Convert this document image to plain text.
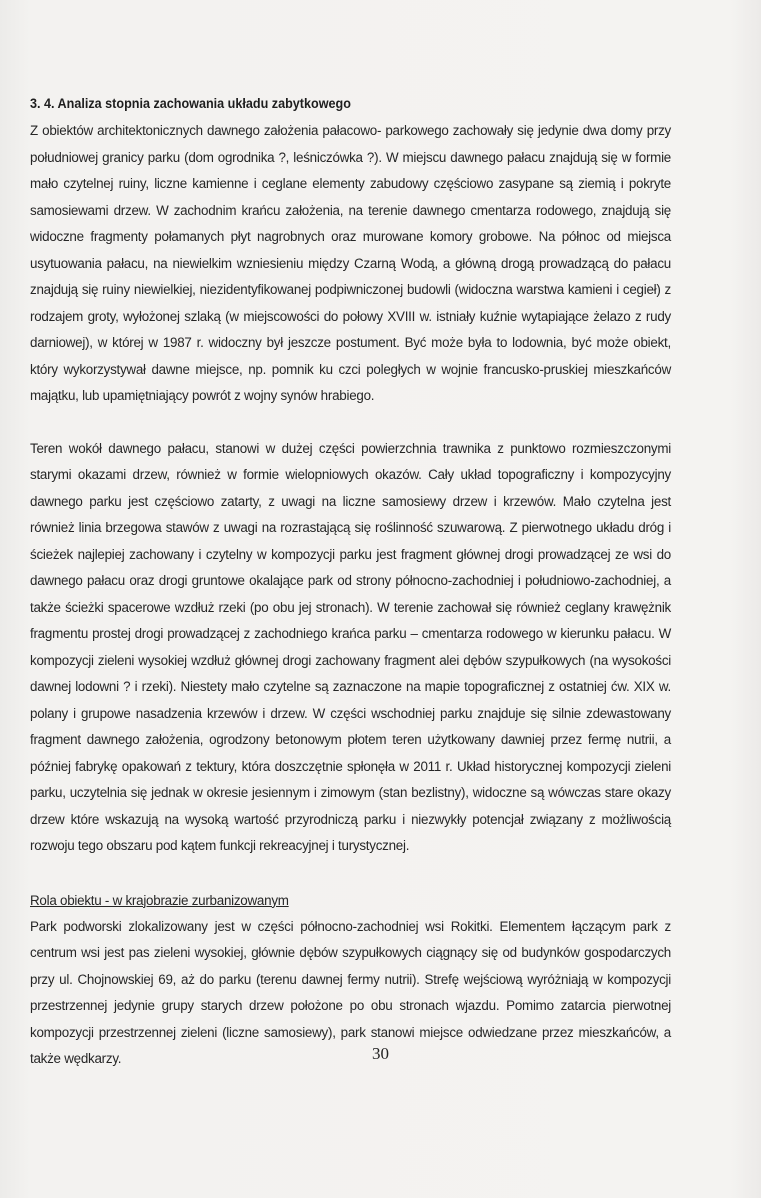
3. 4. Analiza stopnia zachowania układu zabytkowego

Z obiektów architektonicznych dawnego założenia pałacowo- parkowego zachowały się jedynie dwa domy przy południowej granicy parku (dom ogrodnika ?, leśniczówka ?). W miejscu dawnego pałacu znajdują się w formie mało czytelnej ruiny, liczne kamienne i ceglane elementy zabudowy częściowo zasypane są ziemią i pokryte samosiewami drzew. W zachodnim krańcu założenia, na terenie dawnego cmentarza rodowego, znajdują się widoczne fragmenty połamanych płyt nagrobnych oraz murowane komory grobowe. Na północ od miejsca usytuowania pałacu, na niewielkim wzniesieniu między Czarną Wodą, a główną drogą prowadzącą do pałacu znajdują się ruiny niewielkiej, niezidentyfikowanej podpiwniczonej budowli (widoczna warstwa kamieni i cegieł) z rodzajem groty, wyłożonej szlaką (w miejscowości do połowy XVIII w. istniały kuźnie wytapiające żelazo z rudy darniowej), w której w 1987 r. widoczny był jeszcze postument. Być może była to lodownia, być może obiekt, który wykorzystywał dawne miejsce, np. pomnik ku czci poległych w wojnie francusko-pruskiej mieszkańców majątku, lub upamiętniający powrót z wojny synów hrabiego.

Teren wokół dawnego pałacu, stanowi w dużej części powierzchnia trawnika z punktowo rozmieszczonymi starymi okazami drzew, również w formie wielopniowych okazów. Cały układ topograficzny i kompozycyjny dawnego parku jest częściowo zatarty, z uwagi na liczne samosiewy drzew i krzewów. Mało czytelna jest również linia brzegowa stawów z uwagi na rozrastającą się roślinność szuwarową. Z pierwotnego układu dróg i ścieżek najlepiej zachowany i czytelny w kompozycji parku jest fragment głównej drogi prowadzącej ze wsi do dawnego pałacu oraz drogi gruntowe okalające park od strony północno-zachodniej i południowo-zachodniej, a także ścieżki spacerowe wzdłuż rzeki (po obu jej stronach). W terenie zachował się również ceglany krawężnik fragmentu prostej drogi prowadzącej z zachodniego krańca parku – cmentarza rodowego w kierunku pałacu. W kompozycji zieleni wysokiej wzdłuż głównej drogi zachowany fragment alei dębów szypułkowych (na wysokości dawnej lodowni ? i rzeki). Niestety mało czytelne są zaznaczone na mapie topograficznej z ostatniej ćw. XIX w. polany i grupowe nasadzenia krzewów i drzew. W części wschodniej parku znajduje się silnie zdewastowany fragment dawnego założenia, ogrodzony betonowym płotem teren użytkowany dawniej przez fermę nutrii, a później fabrykę opakowań z tektury, która doszczętnie spłonęła w 2011 r. Układ historycznej kompozycji zieleni parku, uczytelnia się jednak w okresie jesiennym i zimowym (stan bezlistny), widoczne są wówczas stare okazy drzew które wskazują na wysoką wartość przyrodniczą parku i niezwykły potencjał związany z możliwością rozwoju tego obszaru pod kątem funkcji rekreacyjnej i turystycznej.

Rola obiektu - w krajobrazie zurbanizowanym

Park podworski zlokalizowany jest w części północno-zachodniej wsi Rokitki. Elementem łączącym park z centrum wsi jest pas zieleni wysokiej, głównie dębów szypułkowych ciągnący się od budynków gospodarczych przy ul. Chojnowskiej 69, aż do parku (terenu dawnej fermy nutrii). Strefę wejściową wyróżniają w kompozycji przestrzennej jedynie grupy starych drzew położone po obu stronach wjazdu. Pomimo zatarcia pierwotnej kompozycji przestrzennej zieleni (liczne samosiewy), park stanowi miejsce odwiedzane przez mieszkańców, a także wędkarzy.	30
